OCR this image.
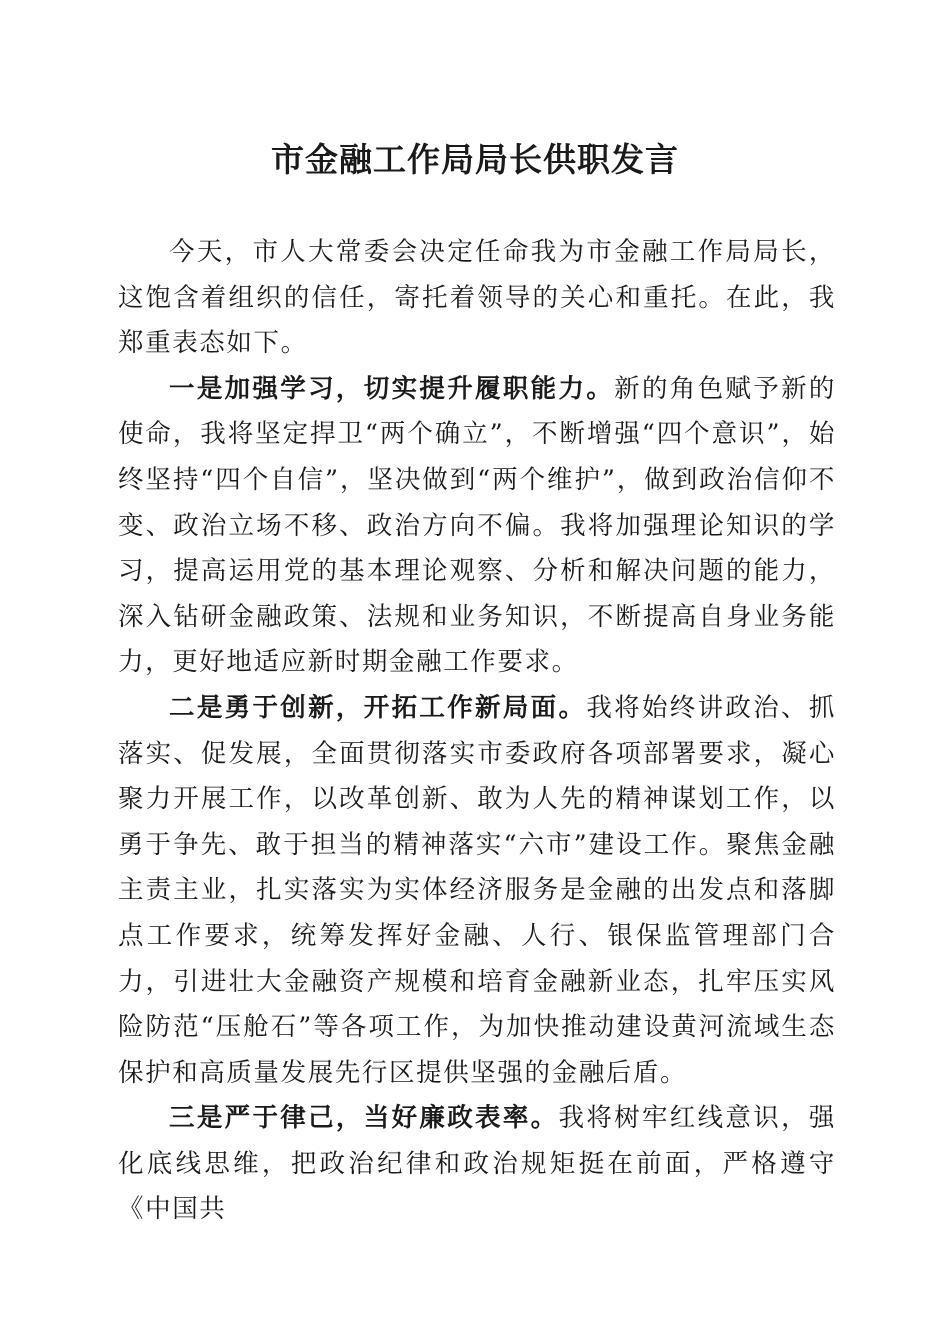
市金融工作局局长供职发言

今天，市人大常委会决定任命我为市金融工作局局长，这饱含着组织的信任，寄托着领导的关心和重托。在此，我郑重表态如下。

一是加强学习，切实提升履职能力。新的角色赋予新的使命，我将坚定捍卫“两个确立”，不断增强“四个意识”，始终坚持“四个自信”，坚决做到“两个维护”，做到政治信仰不变、政治立场不移、政治方向不偏。我将加强理论知识的学习，提高运用党的基本理论观察、分析和解决问题的能力，深入钻研金融政策、法规和业务知识，不断提高自身业务能力，更好地适应新时期金融工作要求。

二是勇于创新，开拓工作新局面。我将始终讲政治、抓落实、促发展，全面贯彻落实市委政府各项部署要求，凝心聚力开展工作，以改革创新、敢为人先的精神谋划工作，以勇于争先、敢于担当的精神落实“六市”建设工作。聚焦金融主责主业，扎实落实为实体经济服务是金融的出发点和落脚点工作要求，统筹发挥好金融、人行、银保监管理部门合力，引进壮大金融资产规模和培育金融新业态，扎牢压实风险防范“压舱石”等各项工作，为加快推动建设黄河流域生态保护和高质量发展先行区提供坚强的金融后盾。

三是严于律己，当好廉政表率。我将树牢红线意识，强化底线思维，把政治纪律和政治规矩挺在前面，严格遵守《中国共
